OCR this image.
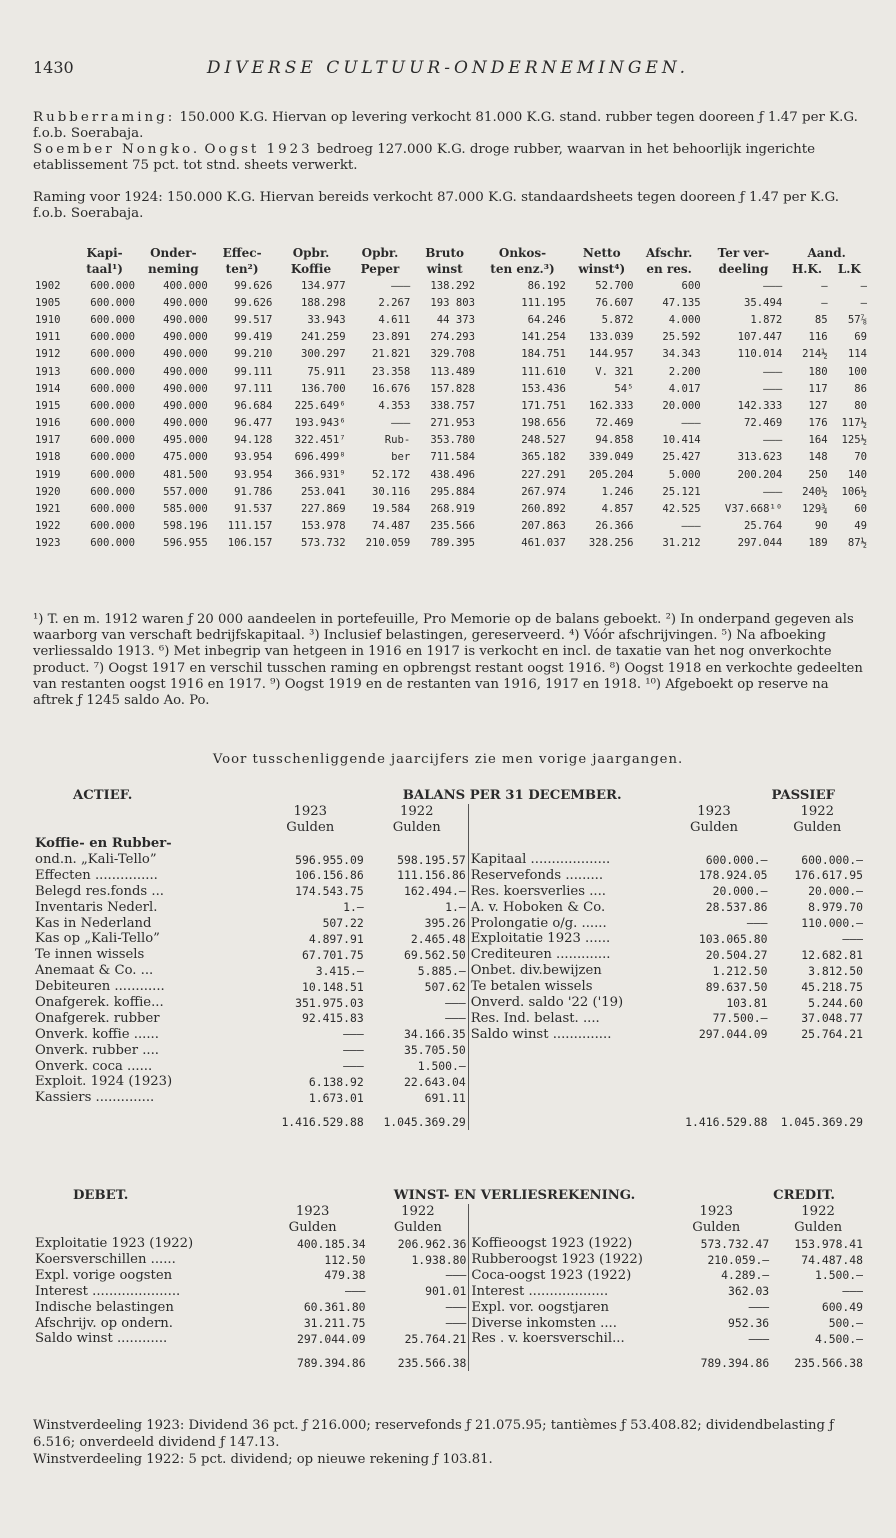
1430	DIVERSE CULTUUR-ONDERNEMINGEN.
Rubberraming: 150.000 K.G. Hiervan op levering verkocht 81.000 K.G. stand. rubber tegen dooreen ƒ 1.47 per K.G. f.o.b. Soerabaja.
Soember Nongko. Oogst 1923 bedroeg 127.000 K.G. droge rubber, waarvan in het behoorlijk ingerichte etablissement 75 pct. tot stnd. sheets verwerkt.
Raming voor 1924: 150.000 K.G. Hiervan bereids verkocht 87.000 K.G. standaardsheets tegen dooreen ƒ 1.47 per K.G. f.o.b. Soerabaja.
	Kapi-	Onder-	Effec-	Opbr.	Opbr.	Bruto	Onkos-	Netto	Afschr.	Ter ver-	Aand.	
	taal¹)	neming	ten²)	Koffie	Peper	winst	ten enz.³)	winst⁴)	en res.	deeling	H.K.	L.K
1902	600.000	400.000	99.626	134.977	———	138.292	86.192	52.700	600	———	—	—
1905	600.000	490.000	99.626	188.298	2.267	193 803	111.195	76.607	47.135	35.494	—	—
1910	600.000	490.000	99.517	33.943	4.611	44 373	64.246	5.872	4.000	1.872	85	57⅞
1911	600.000	490.000	99.419	241.259	23.891	274.293	141.254	133.039	25.592	107.447	116	69
1912	600.000	490.000	99.210	300.297	21.821	329.708	184.751	144.957	34.343	110.014	214½	114
1913	600.000	490.000	99.111	75.911	23.358	113.489	111.610	V. 321	2.200	———	180	100
1914	600.000	490.000	97.111	136.700	16.676	157.828	153.436	54⁵	4.017	———	117	86
1915	600.000	490.000	96.684	225.649⁶	4.353	338.757	171.751	162.333	20.000	142.333	127	80
1916	600.000	490.000	96.477	193.943⁶	———	271.953	198.656	72.469	———	72.469	176	117½
1917	600.000	495.000	94.128	322.451⁷	Rub-	353.780	248.527	94.858	10.414	———	164	125½
1918	600.000	475.000	93.954	696.499⁸	ber	711.584	365.182	339.049	25.427	313.623	148	70
1919	600.000	481.500	93.954	366.931⁹	52.172	438.496	227.291	205.204	5.000	200.204	250	140
1920	600.000	557.000	91.786	253.041	30.116	295.884	267.974	1.246	25.121	———	240½	106½
1921	600.000	585.000	91.537	227.869	19.584	268.919	260.892	4.857	42.525	V37.668¹⁰	129¾	60
1922	600.000	598.196	111.157	153.978	74.487	235.566	207.863	26.366	———	25.764	90	49
1923	600.000	596.955	106.157	573.732	210.059	789.395	461.037	328.256	31.212	297.044	189	87½
¹) T. en m. 1912 waren ƒ 20 000 aandeelen in portefeuille, Pro Memorie op de balans geboekt. ²) In onderpand gegeven als waarborg van verschaft bedrijfskapitaal. ³) Inclusief belastingen, gereserveerd. ⁴) Vóór afschrijvingen. ⁵) Na afboeking verliessaldo 1913. ⁶) Met inbegrip van hetgeen in 1916 en 1917 is verkocht en incl. de taxatie van het nog onverkochte product. ⁷) Oogst 1917 en verschil tusschen raming en opbrengst restant oogst 1916. ⁸) Oogst 1918 en verkochte gedeelten van restanten oogst 1916 en 1917. ⁹) Oogst 1919 en de restanten van 1916, 1917 en 1918. ¹⁰) Afgeboekt op reserve na aftrek ƒ 1245 saldo Ao. Po.
Voor tusschenliggende jaarcijfers zie men vorige jaargangen.
ACTIEF.	BALANS PER 31 DECEMBER.				PASSIEF
	1923	1922		1923	1922
	Gulden	Gulden		Gulden	Gulden
Koffie- en Rubber-					
ond.n. „Kali-Tello”	596.955.09	598.195.57	Kapitaal ...................	600.000.—	600.000.—
Effecten ...............	106.156.86	111.156.86	Reservefonds .........	178.924.05	176.617.95
Belegd res.fonds ...	174.543.75	162.494.—	Res. koersverlies ....	20.000.—	20.000.—
Inventaris Nederl.	1.—	1.—	A. v. Hoboken & Co.	28.537.86	8.979.70
Kas in Nederland	507.22	395.26	Prolongatie o/g. ......	———	110.000.—
Kas op „Kali-Tello”	4.897.91	2.465.48	Exploitatie 1923 ......	103.065.80	———
Te innen wissels	67.701.75	69.562.50	Crediteuren .............	20.504.27	12.682.81
Anemaat & Co. ...	3.415.—	5.885.—	Onbet. div.bewijzen	1.212.50	3.812.50
Debiteuren ............	10.148.51	507.62	Te betalen wissels	89.637.50	45.218.75
Onafgerek. koffie...	351.975.03	———	Onverd. saldo '22 ('19)	103.81	5.244.60
Onafgerek. rubber	92.415.83	———	Res. Ind. belast. ....	77.500.—	37.048.77
Onverk. koffie ......	———	34.166.35	Saldo winst ..............	297.044.09	25.764.21
Onverk. rubber ....	———	35.705.50			
Onverk. coca ......	———	1.500.—			
Exploit. 1924 (1923)	6.138.92	22.643.04			
Kassiers ..............	1.673.01	691.11			
	1.416.529.88	1.045.369.29		1.416.529.88	1.045.369.29
DEBET.	WINST- EN VERLIESREKENING.				CREDIT.
	1923	1922		1923	1922
	Gulden	Gulden		Gulden	Gulden
Exploitatie 1923 (1922)	400.185.34	206.962.36	Koffieoogst 1923 (1922)	573.732.47	153.978.41
Koersverschillen ......	112.50	1.938.80	Rubberoogst 1923 (1922)	210.059.—	74.487.48
Expl. vorige oogsten	479.38	———	Coca-oogst 1923 (1922)	4.289.—	1.500.—
Interest .....................	———	901.01	Interest ...................	362.03	———
Indische belastingen	60.361.80	———	Expl. vor. oogstjaren	———	600.49
Afschrijv. op ondern.	31.211.75	———	Diverse inkomsten ....	952.36	500.—
Saldo winst ............	297.044.09	25.764.21	Res . v. koersverschil...	———	4.500.—
	789.394.86	235.566.38		789.394.86	235.566.38
Winstverdeeling 1923: Dividend 36 pct. ƒ 216.000; reservefonds ƒ 21.075.95; tantièmes ƒ 53.408.82; dividendbelasting ƒ 6.516; onverdeeld dividend ƒ 147.13.
Winstverdeeling 1922: 5 pct. dividend; op nieuwe rekening ƒ 103.81.
